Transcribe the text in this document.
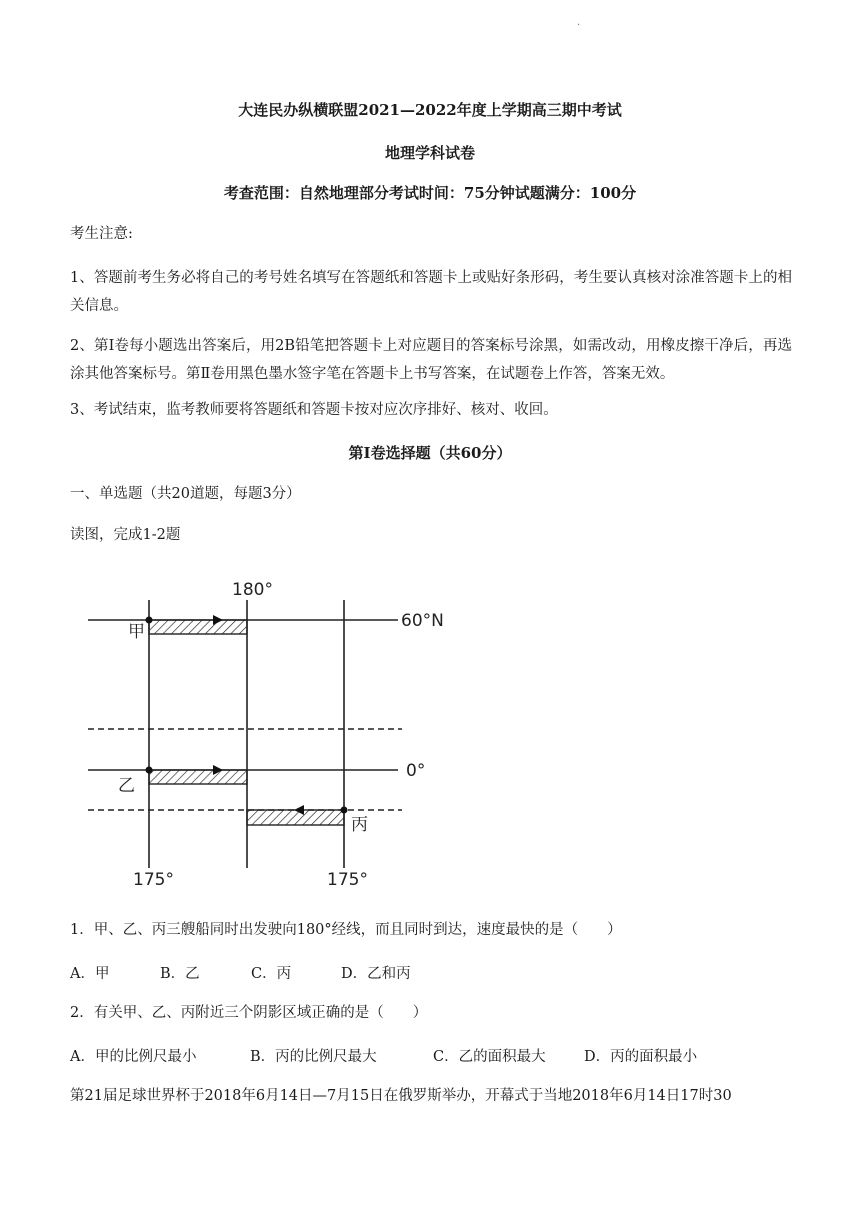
·
大连民办纵横联盟2021—2022年度上学期高三期中考试
地理学科试卷
考查范围：自然地理部分考试时间：75分钟试题满分：100分
考生注意:
1、答题前考生务必将自己的考号姓名填写在答题纸和答题卡上或贴好条形码，考生要认真核对涂准答题卡上的相关信息。
2、第Ⅰ卷每小题选出答案后，用2B铅笔把答题卡上对应题目的答案标号涂黑，如需改动，用橡皮擦干净后，再选涂其他答案标号。第Ⅱ卷用黑色墨水签字笔在答题卡上书写答案，在试题卷上作答，答案无效。
3、考试结束，监考教师要将答题纸和答题卡按对应次序排好、核对、收回。
第Ⅰ卷选择题（共60分）
一、单选题（共20道题，每题3分）
读图，完成1-2题
180°
60°N
0°
175°	175°
甲
乙
丙
1．甲、乙、丙三艘船同时出发驶向180°经线，而且同时到达，速度最快的是（　　）
A．甲	B．乙	C．丙	D．乙和丙
2．有关甲、乙、丙附近三个阴影区域正确的是（　　）
A．甲的比例尺最小	B．丙的比例尺最大	C．乙的面积最大	D．丙的面积最小
第21届足球世界杯于2018年6月14日—7月15日在俄罗斯举办，开幕式于当地2018年6月14日17时30
